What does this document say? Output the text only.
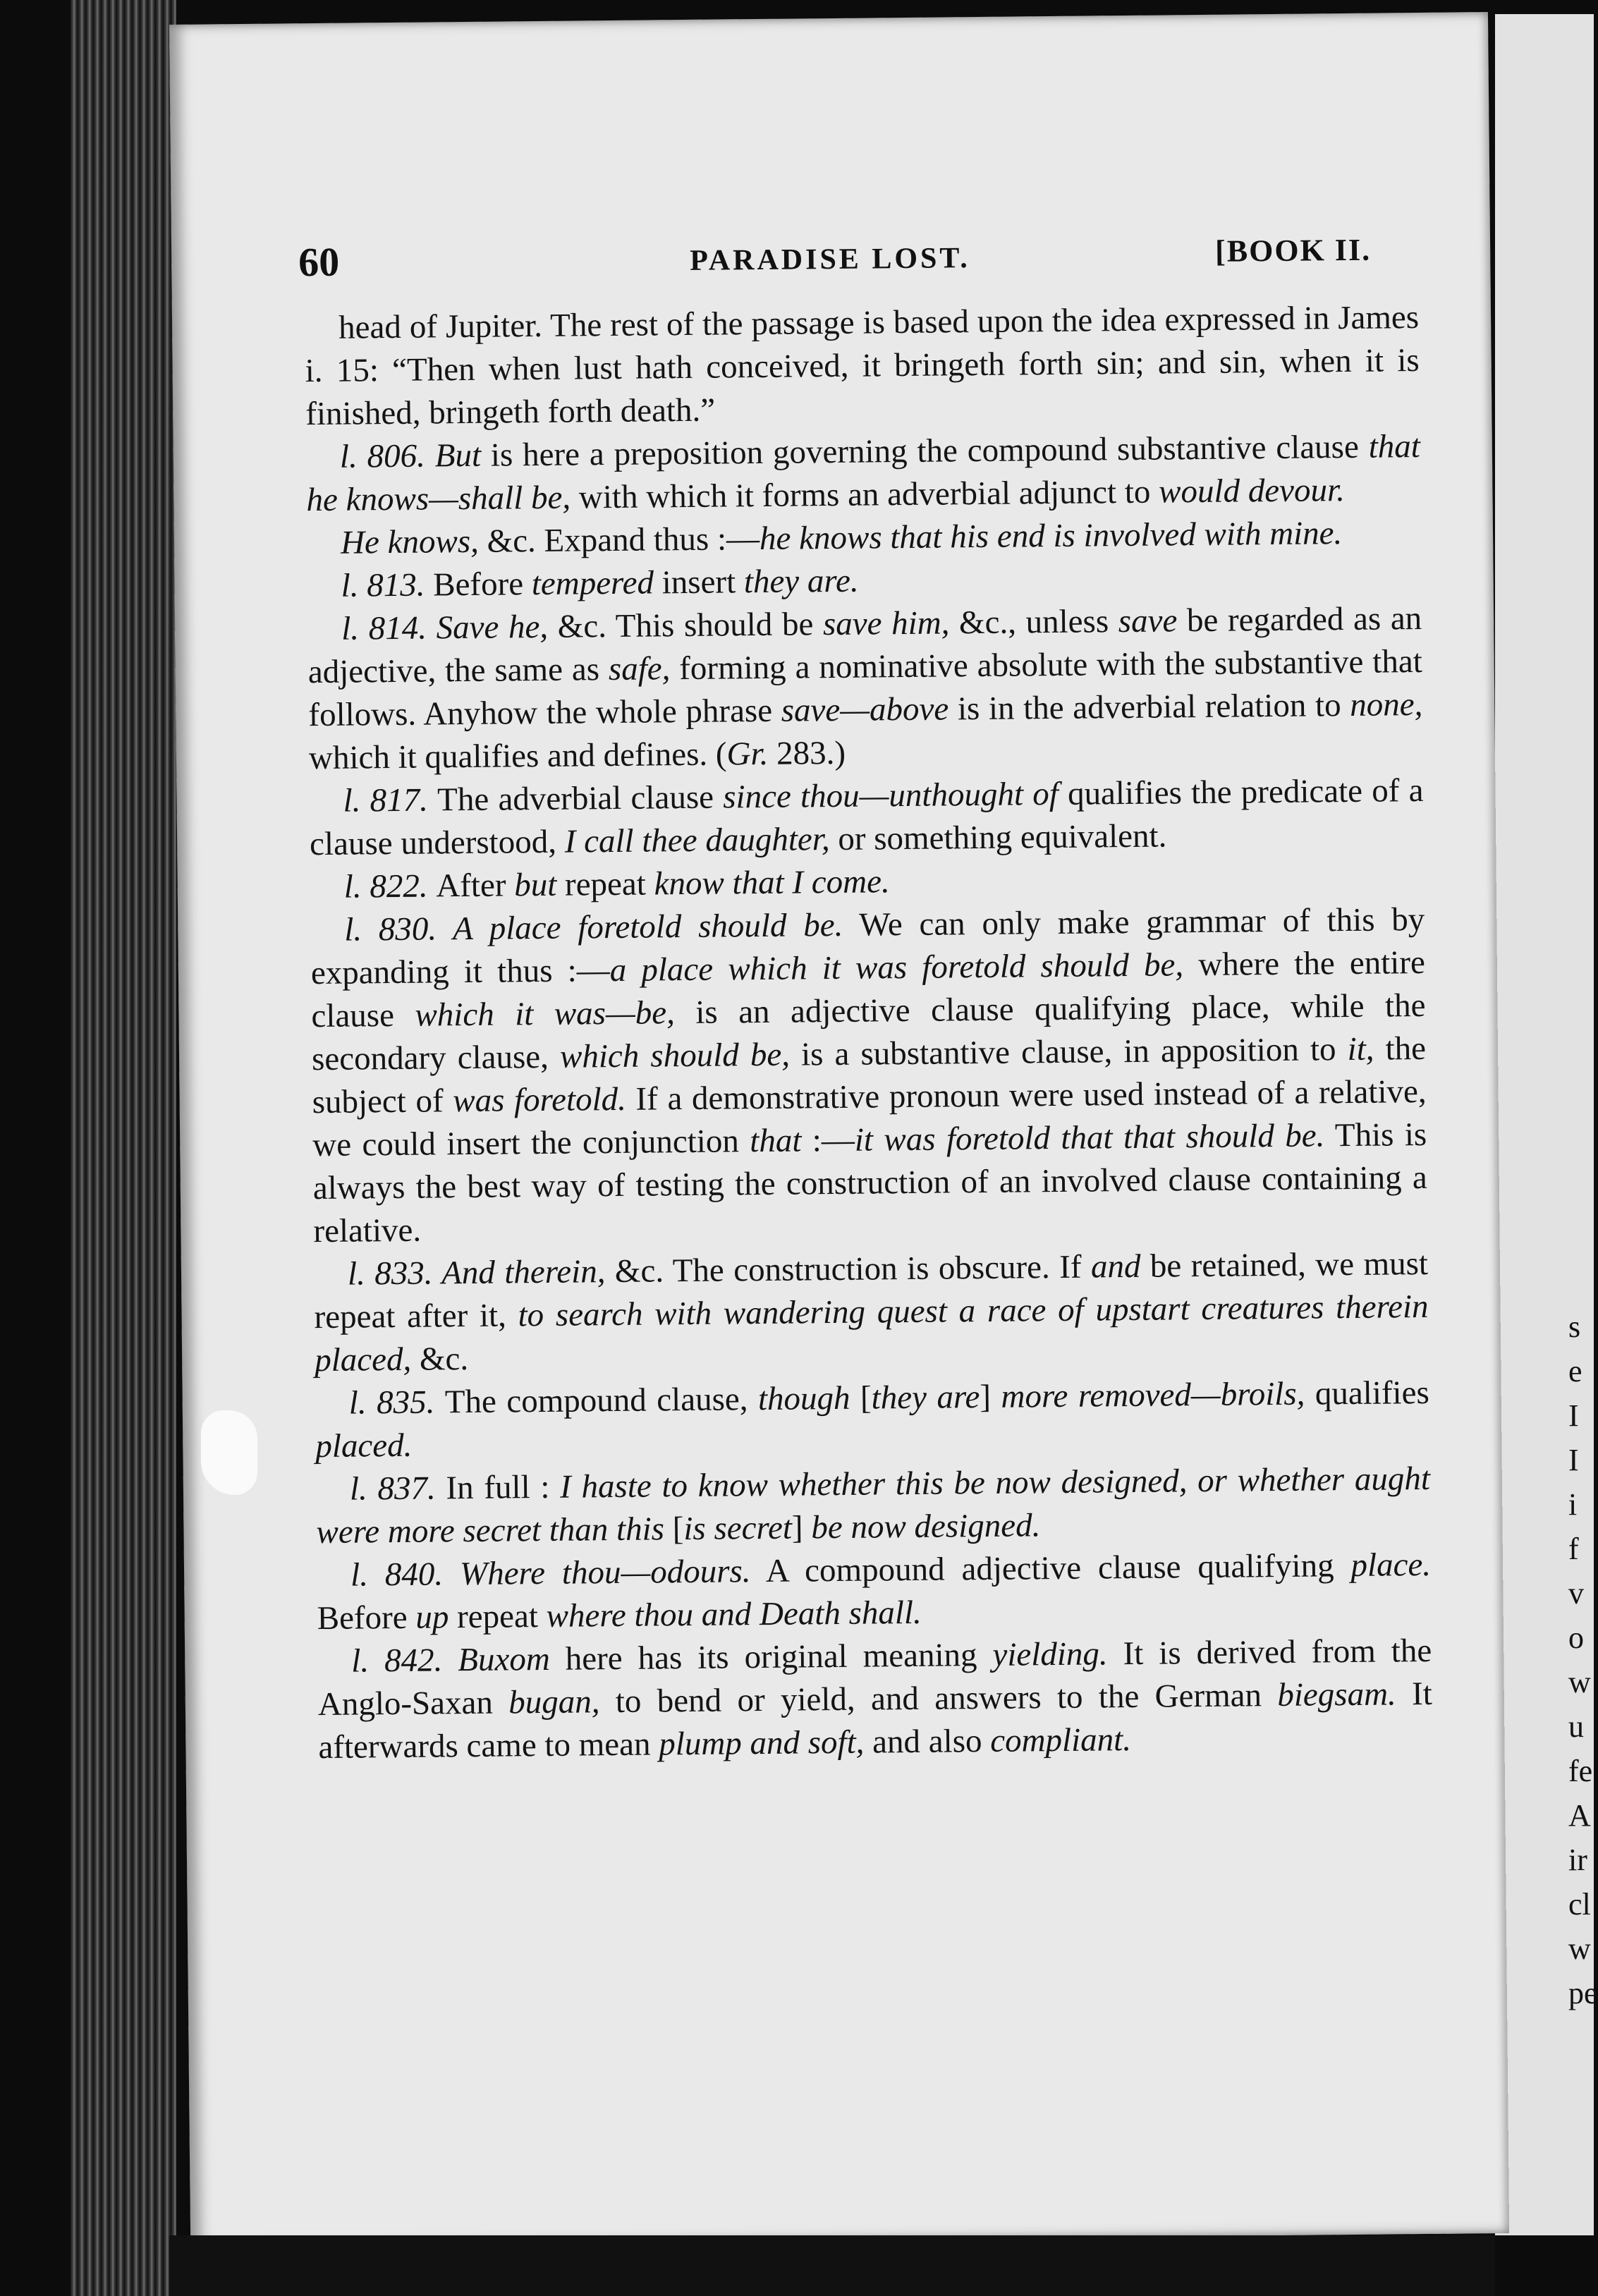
s
e
I
I
i
f
v
o
w
u
fe
A
ir
cl
w
pe
60	PARADISE LOST.	[BOOK II.

head of Jupiter. The rest of the passage is based upon the idea expressed in James i. 15: “Then when lust hath conceived, it bringeth forth sin; and sin, when it is finished, bringeth forth death.”

l. 806. But is here a preposition governing the compound substantive clause that he knows—shall be, with which it forms an adverbial adjunct to would devour.

He knows, &c. Expand thus :—he knows that his end is involved with mine.

l. 813. Before tempered insert they are.

l. 814. Save he, &c. This should be save him, &c., unless save be regarded as an adjective, the same as safe, forming a nominative absolute with the substantive that follows. Anyhow the whole phrase save—above is in the adverbial relation to none, which it qualifies and defines. (Gr. 283.)

l. 817. The adverbial clause since thou—unthought of qualifies the predicate of a clause understood, I call thee daughter, or something equivalent.

l. 822. After but repeat know that I come.

l. 830. A place foretold should be. We can only make grammar of this by expanding it thus :—a place which it was foretold should be, where the entire clause which it was—be, is an adjective clause qualifying place, while the secondary clause, which should be, is a substantive clause, in apposition to it, the subject of was foretold. If a demonstrative pronoun were used instead of a relative, we could insert the conjunction that :—it was foretold that that should be. This is always the best way of testing the construction of an involved clause containing a relative.

l. 833. And therein, &c. The construction is obscure. If and be retained, we must repeat after it, to search with wandering quest a race of upstart creatures therein placed, &c.

l. 835. The compound clause, though [they are] more removed—broils, qualifies placed.

l. 837. In full : I haste to know whether this be now designed, or whether aught were more secret than this [is secret] be now designed.

l. 840. Where thou—odours. A compound adjective clause qualifying place. Before up repeat where thou and Death shall.

l. 842. Buxom here has its original meaning yielding. It is derived from the Anglo-Saxan bugan, to bend or yield, and answers to the German biegsam. It afterwards came to mean plump and soft, and also compliant.
